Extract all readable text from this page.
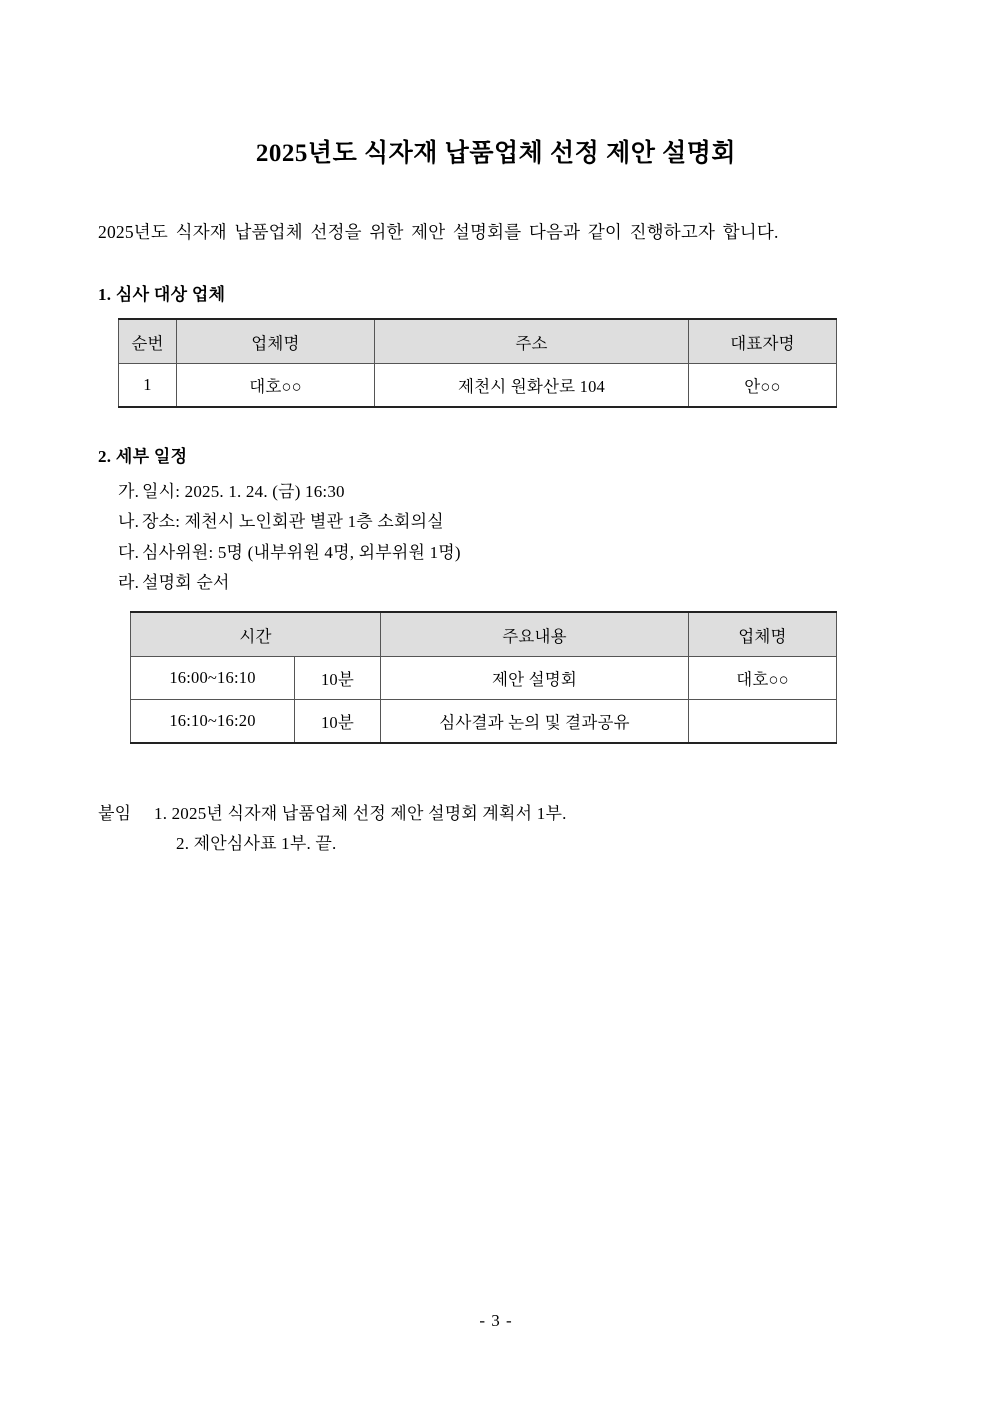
2025년도 식자재 납품업체 선정 제안 설명회
2025년도 식자재 납품업체 선정을 위한 제안 설명회를 다음과 같이 진행하고자 합니다.
1. 심사 대상 업체
순번	업체명	주소	대표자명
1	대호○○	제천시 원화산로 104	안○○
2. 세부 일정
가. 일시: 2025. 1. 24. (금) 16:30
나. 장소: 제천시 노인회관 별관 1층 소회의실
다. 심사위원: 5명 (내부위원 4명, 외부위원 1명)
라. 설명회 순서
시간		주요내용	업체명
16:00~16:10	10분	제안 설명회	대호○○
16:10~16:20	10분	심사결과 논의 및 결과공유	
붙임 1. 2025년 식자재 납품업체 선정 제안 설명회 계획서 1부.
2. 제안심사표 1부. 끝.
- 3 -
